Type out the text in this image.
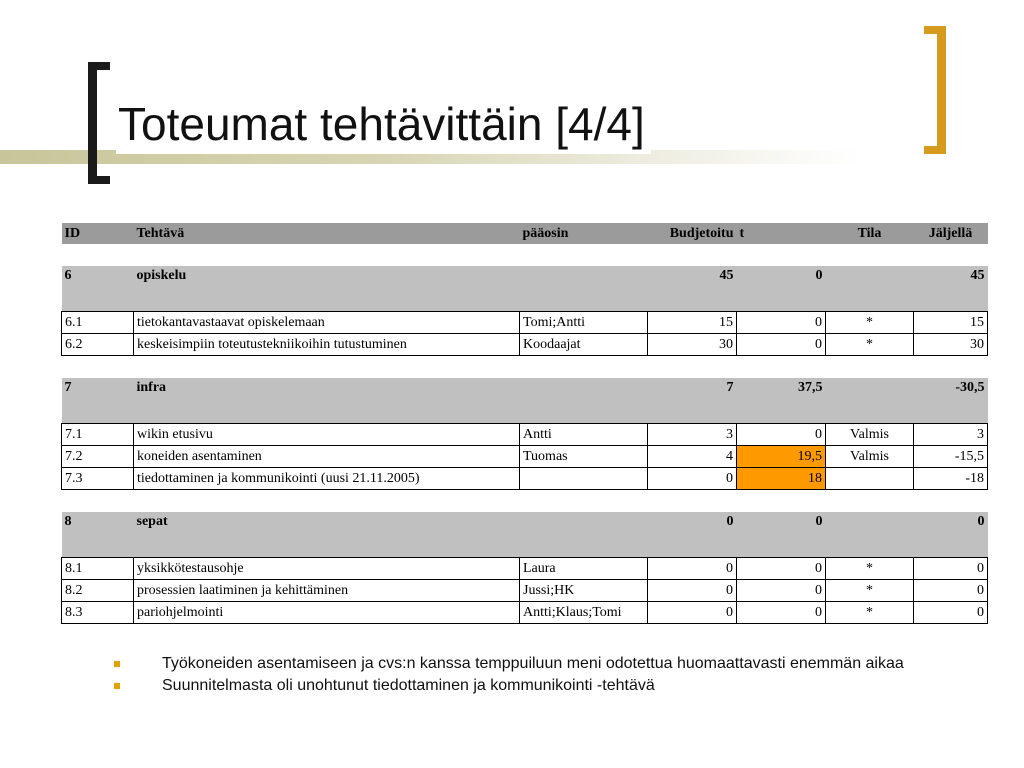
Toteumat tehtävittäin [4/4]
ID	Tehtävä	pääosin	Budjetoitu	t	Tila	Jäljellä

6	opiskelu		45	0		45
6.1	tietokantavastaavat opiskelemaan	Tomi;Antti	15	0	*	15
6.2	keskeisimpiin toteutustekniikoihin tutustuminen	Koodaajat	30	0	*	30

7	infra		7	37,5		-30,5
7.1	wikin etusivu	Antti	3	0	Valmis	3
7.2	koneiden asentaminen	Tuomas	4	19,5	Valmis	-15,5
7.3	tiedottaminen ja kommunikointi (uusi 21.11.2005)		0	18		-18

8	sepat		0	0		0
8.1	yksikkötestausohje	Laura	0	0	*	0
8.2	prosessien laatiminen ja kehittäminen	Jussi;HK	0	0	*	0
8.3	pariohjelmointi	Antti;Klaus;Tomi	0	0	*	0
Työkoneiden asentamiseen ja cvs:n kanssa temppuiluun meni odotettua huomaattavasti enemmän aikaa
Suunnitelmasta oli unohtunut tiedottaminen ja kommunikointi -tehtävä
